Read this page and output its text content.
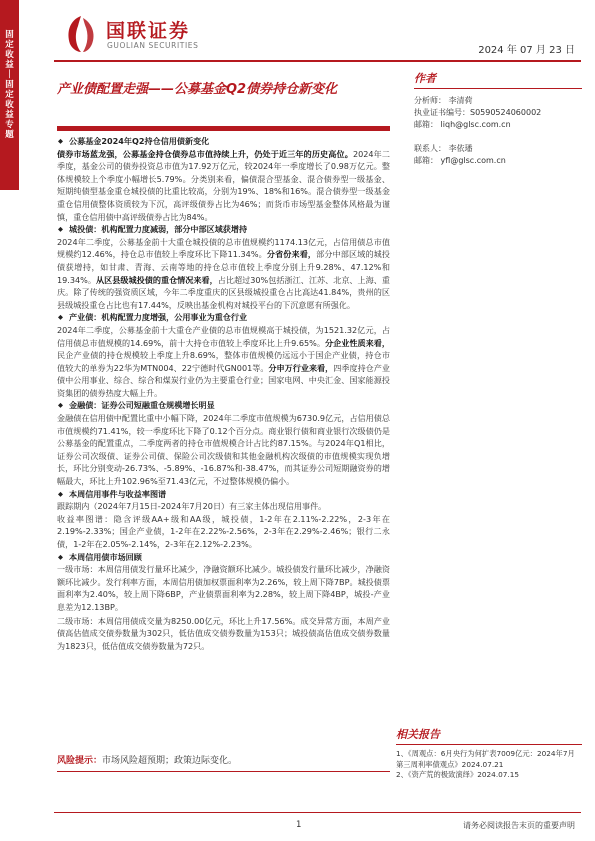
固
定
收
益
｜
固
定
收
益
专
题
国联证券
GUOLIAN SECURITIES	2024 年 07 月 23 日
产业债配置走强——公募基金Q2债券持仓新变化
作者
分析师： 李清荷
执业证书编号：S0590524060002
邮箱： liqh@glsc.com.cn
联系人： 李依璠
邮箱： yfl@glsc.com.cn

◆ 公募基金2024年Q2持仓信用债新变化

债券市场蓝龙强，公募基金持仓债券总市值持续上升，仍处于近三年的历史高位。2024年二季度，基金公司的债券投资总市值为17.92万亿元，较2024年一季度增长了0.98万亿元。整体规模较上个季度小幅增长5.79%。分类别来看，偏债混合型基金、混合债券型一级基金、短期纯债型基金重仓城投债的比重比较高，分别为19%、18%和16%。混合债券型一级基金重仓信用债整体资质较为下沉，高评级债券占比为46%；而货币市场型基金整体风格最为谨慎，重仓信用债中高评级债券占比为84%。

◆ 城投债：机构配置力度减弱，部分中部区域获增持

2024年二季度，公募基金前十大重仓城投债的总市值规模约1174.13亿元，占信用债总市值规模约12.46%，持仓总市值较上季度环比下降11.34%。分省份来看，部分中部区域的城投债获增持，如甘肃、青海、云南等地的持仓总市值较上季度分别上升9.28%、47.12%和19.34%。从区县级城投债的重仓情况来看，占比超过30%包括浙江、江苏、北京、上海、重庆。除了传统的强资质区域，今年二季度重庆的区县级城投重仓占比高达41.84%，贵州的区县级城投重仓占比也有17.44%，反映出基金机构对城投平台的下沉意愿有所强化。

◆ 产业债：机构配置力度增强，公用事业为重仓行业

2024年二季度，公募基金前十大重仓产业债的总市值规模高于城投债，为1521.32亿元，占信用债总市值规模的14.69%，前十大持仓市值较上季度环比上升9.65%。分企业性质来看，民企产业债的持仓规模较上季度上升8.69%，整体市值规模仍远远小于国企产业债，持仓市值较大的单券为22华为MTN004、22宁德时代GN001等。分申万行业来看，四季度持仓产业债中公用事业、综合、综合和煤炭行业仍为主要重仓行业；国家电网、中央汇金、国家能源投资集团的债券热度大幅上升。

◆ 金融债：证券公司短融重仓规模增长明显

金融债在信用债中配置比重中小幅下降，2024年二季度市值规模为6730.9亿元，占信用债总市值规模约71.41%，较一季度环比下降了0.12个百分点。商业银行债和商业银行次级债仍是公募基金的配置重点，二季度两者的持仓市值规模合计占比约87.15%。与2024年Q1相比，证券公司次级债、证券公司债、保险公司次级债和其他金融机构次级债的市值规模实现负增长，环比分别变动-26.73%、-5.89%、-16.87%和-38.47%，而其证券公司短期融资券的增幅最大，环比上升102.96%至71.43亿元，不过整体规模仍偏小。

◆ 本周信用事件与收益率图谱

跟踪期内（2024年7月15日-2024年7月20日）有三家主体出现信用事件。

收益率图谱：隐含评级AA+级和AA级，城投债，1-2年在2.11%-2.22%，2-3年在2.19%-2.33%；国企产业债，1-2年在2.22%-2.56%，2-3年在2.29%-2.46%；银行二永债，1-2年在2.05%-2.14%，2-3年在2.12%-2.23%。

◆ 本周信用债市场回顾

一级市场：本周信用债发行量环比减少，净融资额环比减少。城投债发行量环比减少，净融资额环比减少。发行利率方面，本周信用债加权票面利率为2.26%，较上周下降7BP。城投债票面利率为2.40%，较上周下降6BP，产业债票面利率为2.28%，较上周下降4BP，城投-产业息差为12.13BP。

二级市场：本周信用债成交量为8250.00亿元，环比上升17.56%。成交异常方面，本周产业债高估值成交债券数量为302只，低估值成交债券数量为153只；城投债高估值成交债券数量为1823只，低估值成交债券数量为72只。

风险提示：市场风险超预期；政策边际变化。
相关报告
1、《周观点：6月央行为何扩表7009亿元：2024年7月第三周利率债观点》2024.07.21
2、《资产荒的极致演绎》2024.07.15
1	请务必阅读报告末页的重要声明
